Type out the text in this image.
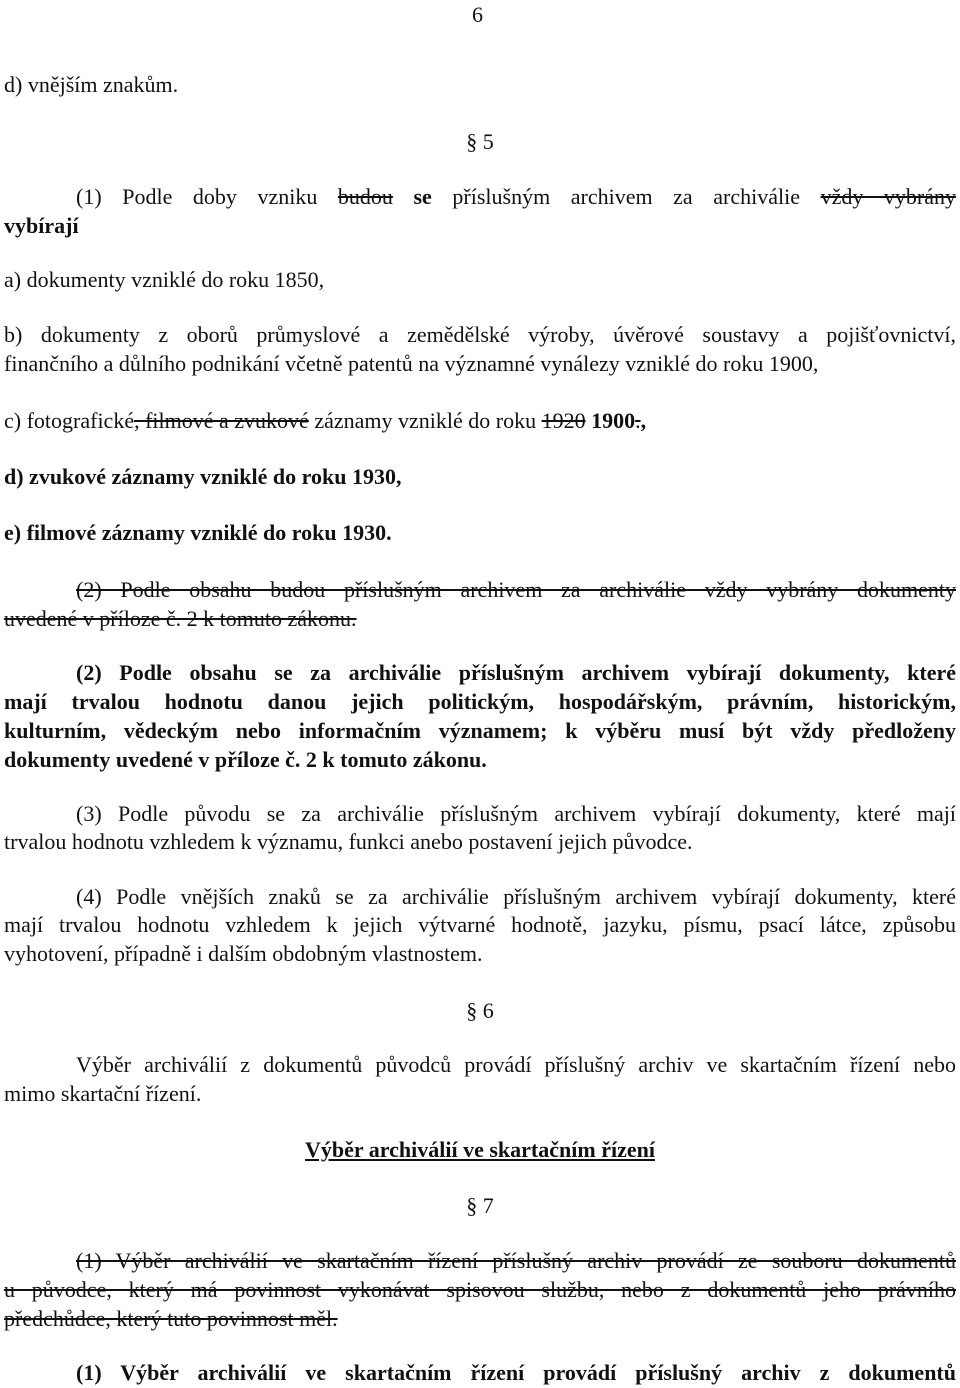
6

d) vnějším znakům.

§ 5

(1) Podle doby vzniku budou se příslušným archivem za archiválie vždy vybrány

vybírají

a) dokumenty vzniklé do roku 1850,

b) dokumenty z oborů průmyslové a zemědělské výroby, úvěrové soustavy a pojišťovnictví,

finančního a důlního podnikání včetně patentů na významné vynálezy vzniklé do roku 1900,

c) fotografické, filmové a zvukové záznamy vzniklé do roku 1920 1900.,

d) zvukové záznamy vzniklé do roku 1930,

e) filmové záznamy vzniklé do roku 1930.

(2) Podle obsahu budou příslušným archivem za archiválie vždy vybrány dokumenty

uvedené v příloze č. 2 k tomuto zákonu.

(2) Podle obsahu se za archiválie příslušným archivem vybírají dokumenty, které

mají trvalou hodnotu danou jejich politickým, hospodářským, právním, historickým,

kulturním, vědeckým nebo informačním významem; k výběru musí být vždy předloženy

dokumenty uvedené v příloze č. 2 k tomuto zákonu.

(3) Podle původu se za archiválie příslušným archivem vybírají dokumenty, které mají

trvalou hodnotu vzhledem k významu, funkci anebo postavení jejich původce.

(4) Podle vnějších znaků se za archiválie příslušným archivem vybírají dokumenty, které

mají trvalou hodnotu vzhledem k jejich výtvarné hodnotě, jazyku, písmu, psací látce, způsobu

vyhotovení, případně i dalším obdobným vlastnostem.

§ 6

Výběr archiválií z dokumentů původců provádí příslušný archiv ve skartačním řízení nebo

mimo skartační řízení.

Výběr archiválií ve skartačním řízení

§ 7

(1) Výběr archiválií ve skartačním řízení příslušný archiv provádí ze souboru dokumentů

u původce, který má povinnost vykonávat spisovou službu, nebo z dokumentů jeho právního

předchůdce, který tuto povinnost měl.

(1) Výběr archiválií ve skartačním řízení provádí příslušný archiv z dokumentů
